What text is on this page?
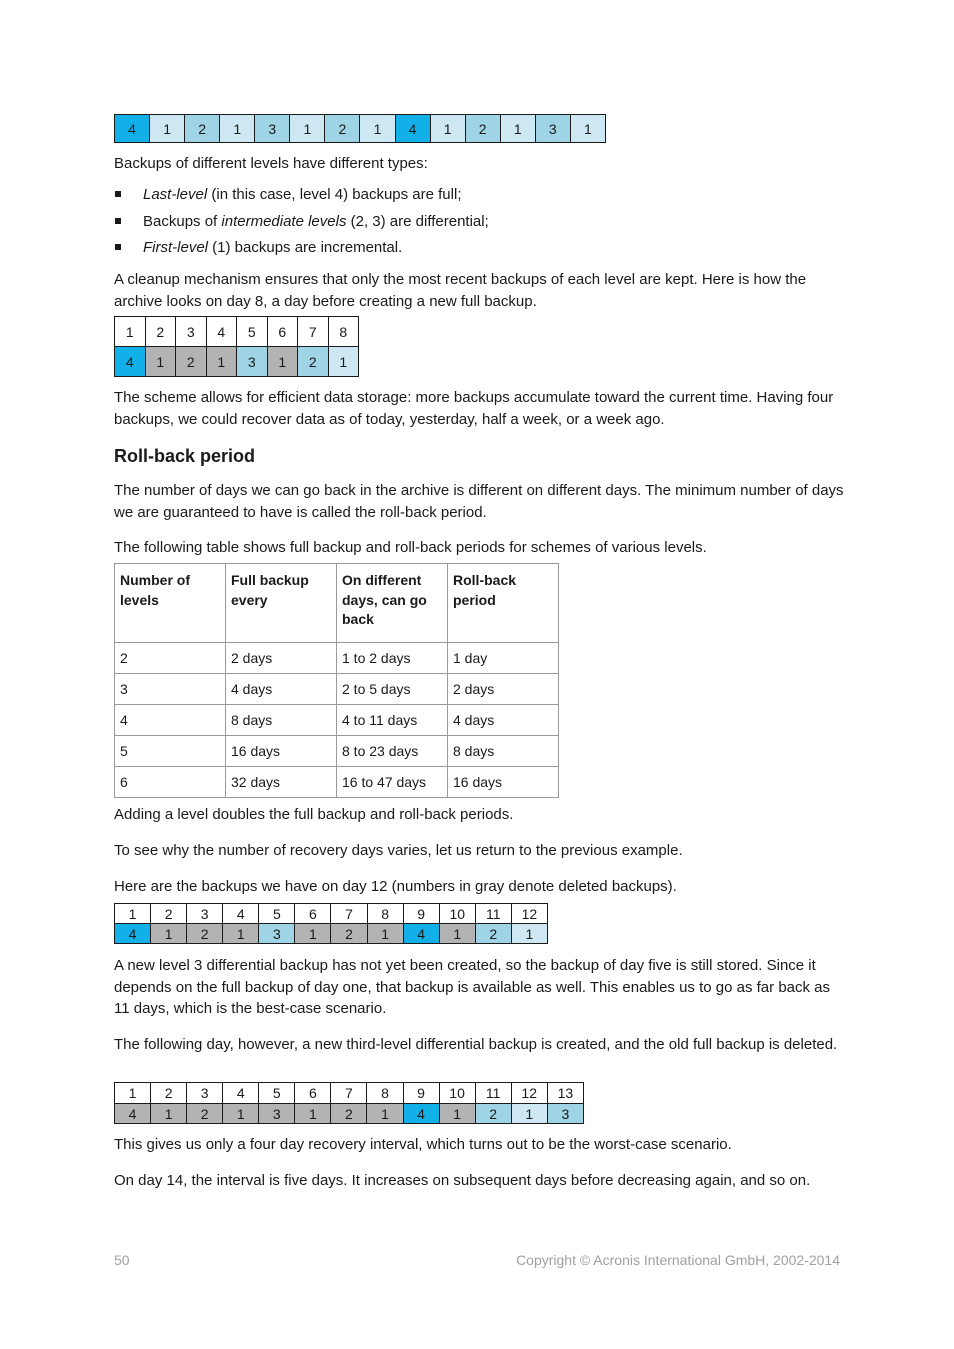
4	1	2	1	3	1	2	1	4	1	2	1	3	1

Backups of different levels have different types:

Last-level (in this case, level 4) backups are full;
Backups of intermediate levels (2, 3) are differential;
First-level (1) backups are incremental.

A cleanup mechanism ensures that only the most recent backups of each level are kept. Here is how the archive looks on day 8, a day before creating a new full backup.

1	2	3	4	5	6	7	8
4	1	2	1	3	1	2	1

The scheme allows for efficient data storage: more backups accumulate toward the current time. Having four backups, we could recover data as of today, yesterday, half a week, or a week ago.

Roll-back period

The number of days we can go back in the archive is different on different days. The minimum number of days we are guaranteed to have is called the roll-back period.

The following table shows full backup and roll-back periods for schemes of various levels.

Number of levels	Full backup every	On different days, can go back	Roll-back period
2	2 days	1 to 2 days	1 day
3	4 days	2 to 5 days	2 days
4	8 days	4 to 11 days	4 days
5	16 days	8 to 23 days	8 days
6	32 days	16 to 47 days	16 days

Adding a level doubles the full backup and roll-back periods.

To see why the number of recovery days varies, let us return to the previous example.

Here are the backups we have on day 12 (numbers in gray denote deleted backups).

1	2	3	4	5	6	7	8	9	10	11	12
4	1	2	1	3	1	2	1	4	1	2	1

A new level 3 differential backup has not yet been created, so the backup of day five is still stored. Since it depends on the full backup of day one, that backup is available as well. This enables us to go as far back as 11 days, which is the best-case scenario.

The following day, however, a new third-level differential backup is created, and the old full backup is deleted.

1	2	3	4	5	6	7	8	9	10	11	12	13
4	1	2	1	3	1	2	1	4	1	2	1	3

This gives us only a four day recovery interval, which turns out to be the worst-case scenario.

On day 14, the interval is five days. It increases on subsequent days before decreasing again, and so on.

50	Copyright © Acronis International GmbH, 2002-2014
